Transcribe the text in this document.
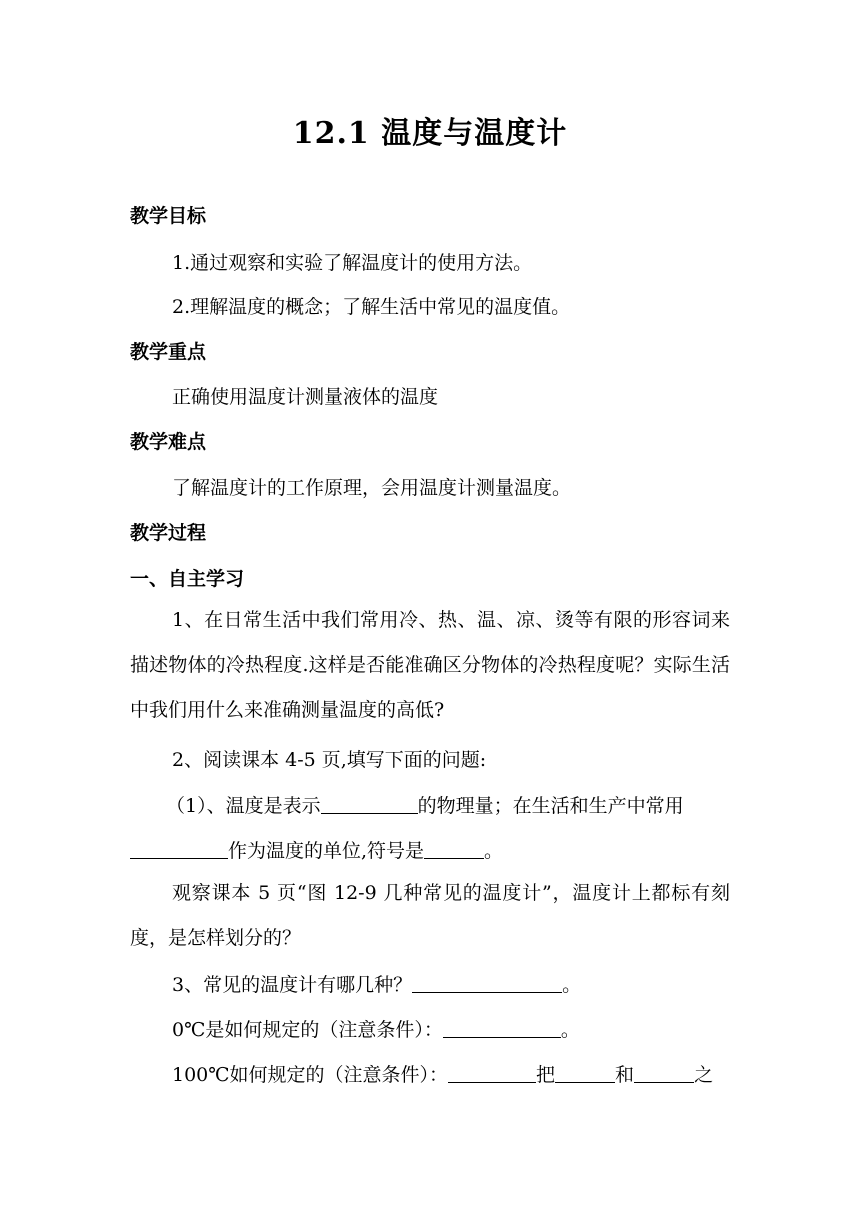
12.1 温度与温度计
教学目标
1.通过观察和实验了解温度计的使用方法。
2.理解温度的概念；了解生活中常见的温度值。
教学重点
正确使用温度计测量液体的温度
教学难点
了解温度计的工作原理，会用温度计测量温度。
教学过程
一、自主学习
1、在日常生活中我们常用冷、热、温、凉、烫等有限的形容词来描述物体的冷热程度.这样是否能准确区分物体的冷热程度呢？实际生活中我们用什么来准确测量温度的高低?
2、阅读课本 4-5 页,填写下面的问题:
（1）、温度是表示	的物理量；在生活和生产中常用
作为温度的单位,符号是	。
观察课本 5 页“图 12-9 几种常见的温度计”，温度计上都标有刻度，是怎样划分的？
3、常见的温度计有哪几种？	。
0℃是如何规定的（注意条件）：	。
100℃如何规定的（注意条件）：	把	和	之
